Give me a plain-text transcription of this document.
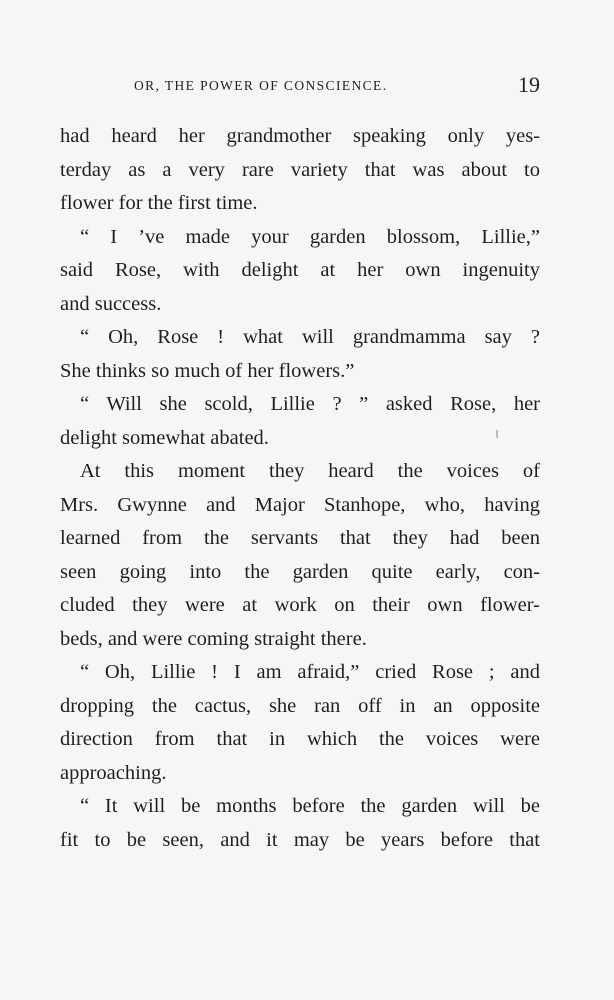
OR, THE POWER OF CONSCIENCE.	19
had heard her grandmother speaking only yes-
terday as a very rare variety that was about to
flower for the first time.
“ I ’ve made your garden blossom, Lillie,”
said Rose, with delight at her own ingenuity
and success.
“ Oh, Rose ! what will grandmamma say ?
She thinks so much of her flowers.”
“ Will she scold, Lillie ? ” asked Rose, her
delight somewhat abated.
At this moment they heard the voices of
Mrs. Gwynne and Major Stanhope, who, having
learned from the servants that they had been
seen going into the garden quite early, con-
cluded they were at work on their own flower-
beds, and were coming straight there.
“ Oh, Lillie ! I am afraid,” cried Rose ; and
dropping the cactus, she ran off in an opposite
direction from that in which the voices were
approaching.
“ It will be months before the garden will be
fit to be seen, and it may be years before that
